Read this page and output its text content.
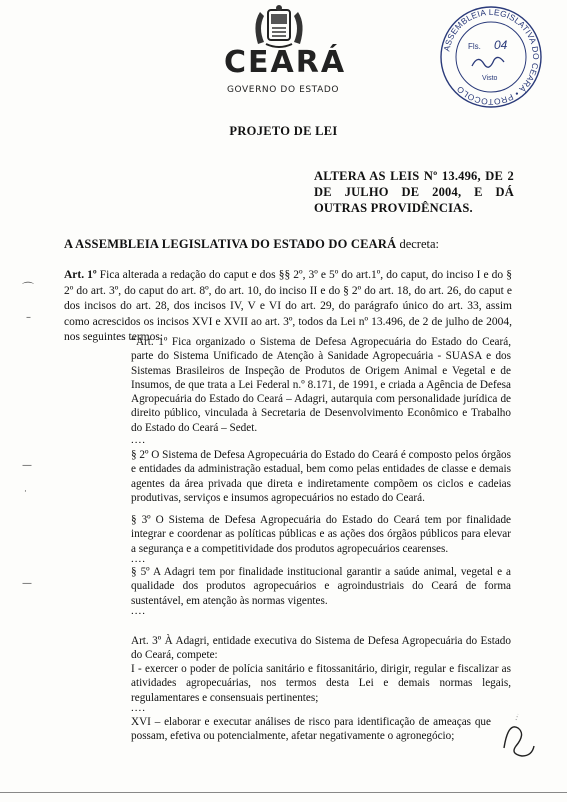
CEARÁ
GOVERNO DO ESTADO
ASSEMBLEIA LEGISLATIVA DO CEARÁ • PROTOCOLO
Fls. 04
Visto
PROJETO DE LEI
ALTERA AS LEIS Nº 13.496, DE 2 DE JULHO DE 2004, E DÁ OUTRAS PROVIDÊNCIAS.
A ASSEMBLEIA LEGISLATIVA DO ESTADO DO CEARÁ decreta:
Art. 1º Fica alterada a redação do caput e dos §§ 2º, 3º e 5º do art.1º, do caput, do inciso I e do § 2º do art. 3º, do caput do art. 8º, do art. 10, do inciso II e do § 2º do art. 18, do art. 26, do caput e dos incisos do art. 28, dos incisos IV, V e VI do art. 29, do parágrafo único do art. 33, assim como acrescidos os incisos XVI e XVII ao art. 3º, todos da Lei nº 13.496, de 2 de julho de 2004, nos seguintes termos:
“Art. 1º Fica organizado o Sistema de Defesa Agropecuária do Estado do Ceará, parte do Sistema Unificado de Atenção à Sanidade Agropecuária - SUASA e dos Sistemas Brasileiros de Inspeção de Produtos de Origem Animal e Vegetal e de Insumos, de que trata a Lei Federal n.º 8.171, de 1991, e criada a Agência de Defesa Agropecuária do Estado do Ceará – Adagri, autarquia com personalidade jurídica de direito público, vinculada à Secretaria de Desenvolvimento Econômico e Trabalho do Estado do Ceará – Sedet.
....
§ 2º O Sistema de Defesa Agropecuária do Estado do Ceará é composto pelos órgãos e entidades da administração estadual, bem como pelas entidades de classe e demais agentes da área privada que direta e indiretamente compõem os ciclos e cadeias produtivas, serviços e insumos agropecuários no estado do Ceará.
§ 3º O Sistema de Defesa Agropecuária do Estado do Ceará tem por finalidade integrar e coordenar as políticas públicas e as ações dos órgãos públicos para elevar a segurança e a competitividade dos produtos agropecuários cearenses.
....
§ 5º A Adagri tem por finalidade institucional garantir a saúde animal, vegetal e a qualidade dos produtos agropecuários e agroindustriais do Ceará de forma sustentável, em atenção às normas vigentes.
....
Art. 3º À Adagri, entidade executiva do Sistema de Defesa Agropecuária do Estado do Ceará, compete:
I - exercer o poder de polícia sanitário e fitossanitário, dirigir, regular e fiscalizar as atividades agropecuárias, nos termos desta Lei e demais normas legais, regulamentares e consensuais pertinentes;
....
XVI – elaborar e executar análises de risco para identificação de ameaças que possam, efetiva ou potencialmente, afetar negativamente o agronegócio;
⌒
–
—
·
—
